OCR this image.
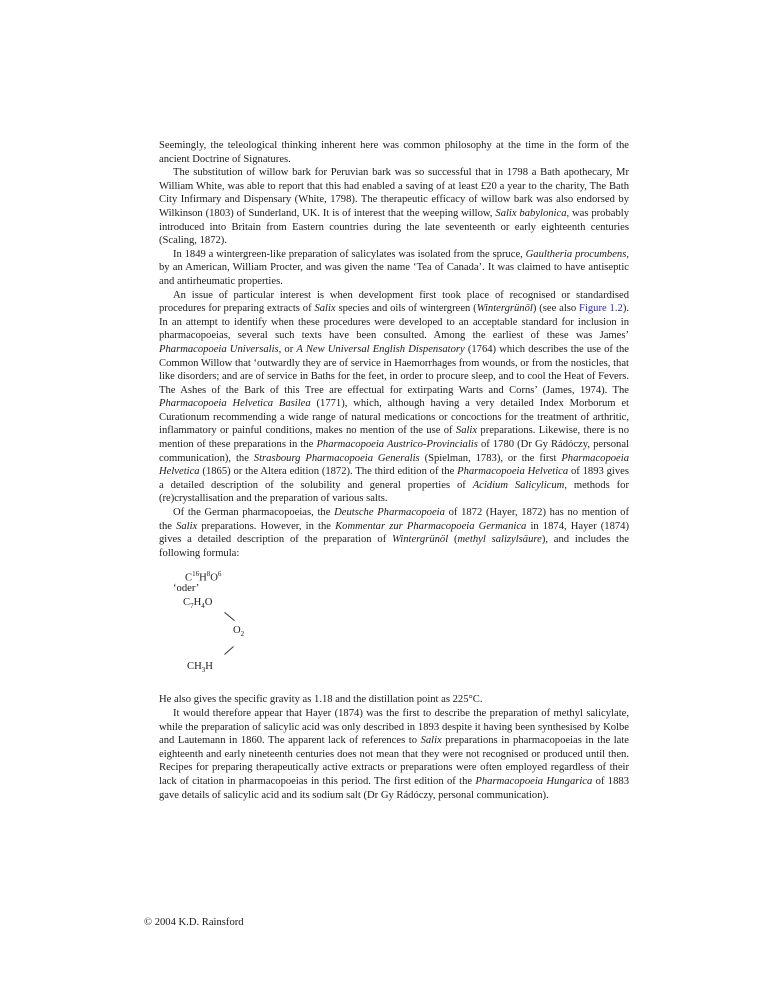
Seemingly, the teleological thinking inherent here was common philosophy at the time in the form of the ancient Doctrine of Signatures.

The substitution of willow bark for Peruvian bark was so successful that in 1798 a Bath apothecary, Mr William White, was able to report that this had enabled a saving of at least £20 a year to the charity, The Bath City Infirmary and Dispensary (White, 1798). The therapeutic efficacy of willow bark was also endorsed by Wilkinson (1803) of Sunderland, UK. It is of interest that the weeping willow, Salix babylonica, was probably introduced into Britain from Eastern countries during the late seventeenth or early eighteenth centuries (Scaling, 1872).

In 1849 a wintergreen-like preparation of salicylates was isolated from the spruce, Gaultheria procumbens, by an American, William Procter, and was given the name ‘Tea of Canada’. It was claimed to have antiseptic and antirheumatic properties.

An issue of particular interest is when development first took place of recognised or standardised procedures for preparing extracts of Salix species and oils of wintergreen (Wintergrünöl) (see also Figure 1.2). In an attempt to identify when these procedures were developed to an acceptable standard for inclusion in pharmacopoeias, several such texts have been consulted. Among the earliest of these was James’ Pharmacopoeia Universalis, or A New Universal English Dispensatory (1764) which describes the use of the Common Willow that ‘outwardly they are of service in Haemorrhages from wounds, or from the nosticles, that like disorders; and are of service in Baths for the feet, in order to procure sleep, and to cool the Heat of Fevers. The Ashes of the Bark of this Tree are effectual for extirpating Warts and Corns’ (James, 1974). The Pharmacopoeia Helvetica Basilea (1771), which, although having a very detailed Index Morborum et Curationum recommending a wide range of natural medications or concoctions for the treatment of arthritic, inflammatory or painful conditions, makes no mention of the use of Salix preparations. Likewise, there is no mention of these preparations in the Pharmacopoeia Austrico-Provincialis of 1780 (Dr Gy Rádóczy, personal communication), the Strasbourg Pharmacopoeia Generalis (Spielman, 1783), or the first Pharmacopoeia Helvetica (1865) or the Altera edition (1872). The third edition of the Pharmacopoeia Helvetica of 1893 gives a detailed description of the solubility and general properties of Acidium Salicylicum, methods for (re)crystallisation and the preparation of various salts.

Of the German pharmacopoeias, the Deutsche Pharmacopoeia of 1872 (Hayer, 1872) has no mention of the Salix preparations. However, in the Kommentar zur Pharmacopoeia Germanica in 1874, Hayer (1874) gives a detailed description of the preparation of Wintergrünöl (methyl salizylsäure), and includes the following formula:

$C^{16}H^8O^6$
‘oder’
$C_7H_4O$
$O_2$
$CH_3H$

He also gives the specific gravity as 1.18 and the distillation point as 225°C.

It would therefore appear that Hayer (1874) was the first to describe the preparation of methyl salicylate, while the preparation of salicylic acid was only described in 1893 despite it having been synthesised by Kolbe and Lautemann in 1860. The apparent lack of references to Salix preparations in pharmacopoeias in the late eighteenth and early nineteenth centuries does not mean that they were not recognised or produced until then. Recipes for preparing therapeutically active extracts or preparations were often employed regardless of their lack of citation in pharmacopoeias in this period. The first edition of the Pharmacopoeia Hungarica of 1883 gave details of salicylic acid and its sodium salt (Dr Gy Rádóczy, personal communication).

© 2004 K.D. Rainsford
